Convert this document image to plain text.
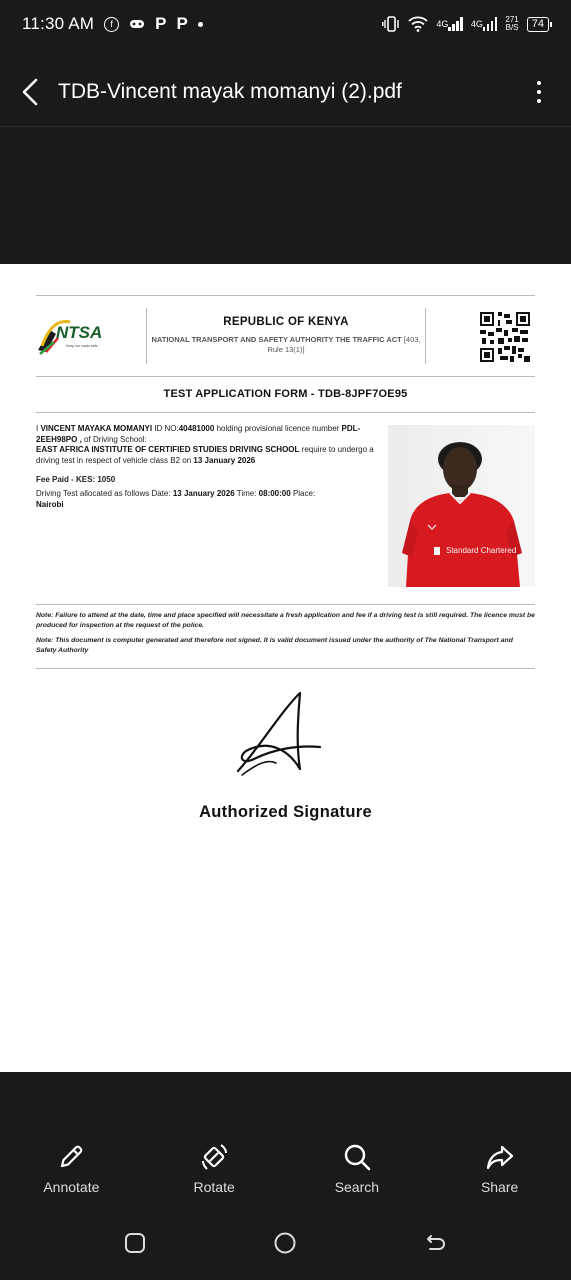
11:30 AM	f	P P	4G	4G	271
B/S 74
TDB-Vincent mayak momanyi (2).pdf
NTSA
Keep our roads safe
REPUBLIC OF KENYA
NATIONAL TRANSPORT AND SAFETY AUTHORITY THE TRAFFIC ACT [403, Rule 13(1)]
TEST APPLICATION FORM - TDB-8JPF7OE95
I VINCENT MAYAKA MOMANYI ID NO:40481000 holding provisional licence number PDL-2EEH98PO , of Driving School:
EAST AFRICA INSTITUTE OF CERTIFIED STUDIES DRIVING SCHOOL require to undergo a driving test in respect of vehicle class B2 on 13 January 2026
Fee Paid - KES: 1050
Driving Test allocated as follows Date: 13 January 2026 Time: 08:00:00 Place:
Nairobi
Standard Chartered
Note: Failure to attend at the date, time and place specified will necessitate a fresh application and fee if a driving test is still required. The licence must be produced for inspection at the request of the police.
Note: This document is computer generated and therefore not signed. It is valid document issued under the authority of The National Transport and Safety Authority
Authorized Signature
Annotate	Rotate	Search	Share
